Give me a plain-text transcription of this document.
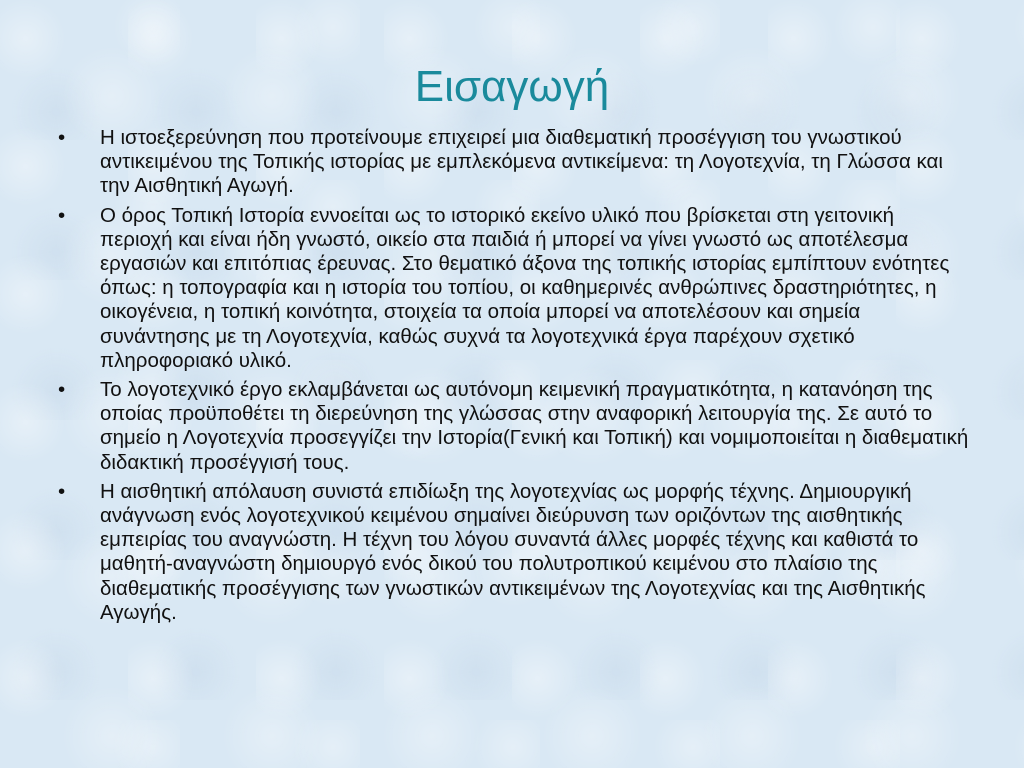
Εισαγωγή
•	Η ιστοεξερεύνηση που προτείνουμε επιχειρεί μια διαθεματική προσέγγιση του γνωστικού αντικειμένου της Τοπικής ιστορίας με εμπλεκόμενα αντικείμενα: τη Λογοτεχνία, τη Γλώσσα και την Αισθητική Αγωγή.
•	Ο όρος Τοπική Ιστορία εννοείται ως το ιστορικό εκείνο υλικό που βρίσκεται στη γειτονική περιοχή και είναι ήδη γνωστό, οικείο στα παιδιά ή μπορεί να γίνει γνωστό ως αποτέλεσμα εργασιών και επιτόπιας έρευνας. Στο θεματικό άξονα της τοπικής ιστορίας εμπίπτουν ενότητες όπως: η τοπογραφία και η ιστορία του τοπίου, οι καθημερινές ανθρώπινες δραστηριότητες, η οικογένεια, η τοπική κοινότητα, στοιχεία τα οποία μπορεί να αποτελέσουν και σημεία συνάντησης με τη Λογοτεχνία, καθώς συχνά τα λογοτεχνικά έργα παρέχουν σχετικό πληροφοριακό υλικό.
•	Το λογοτεχνικό έργο εκλαμβάνεται ως αυτόνομη κειμενική πραγματικότητα, η κατανόηση της οποίας προϋποθέτει τη διερεύνηση της γλώσσας στην αναφορική λειτουργία της. Σε αυτό το σημείο η Λογοτεχνία προσεγγίζει την Ιστορία(Γενική και Τοπική) και νομιμοποιείται η διαθεματική διδακτική προσέγγισή τους.
•	Η αισθητική απόλαυση συνιστά επιδίωξη της λογοτεχνίας ως μορφής τέχνης. Δημιουργική ανάγνωση ενός λογοτεχνικού κειμένου σημαίνει διεύρυνση των οριζόντων της αισθητικής εμπειρίας του αναγνώστη. Η τέχνη του λόγου συναντά άλλες μορφές τέχνης και καθιστά το μαθητή-αναγνώστη δημιουργό ενός δικού του πολυτροπικού κειμένου στο πλαίσιο της διαθεματικής προσέγγισης των γνωστικών αντικειμένων της Λογοτεχνίας και της Αισθητικής Αγωγής.
